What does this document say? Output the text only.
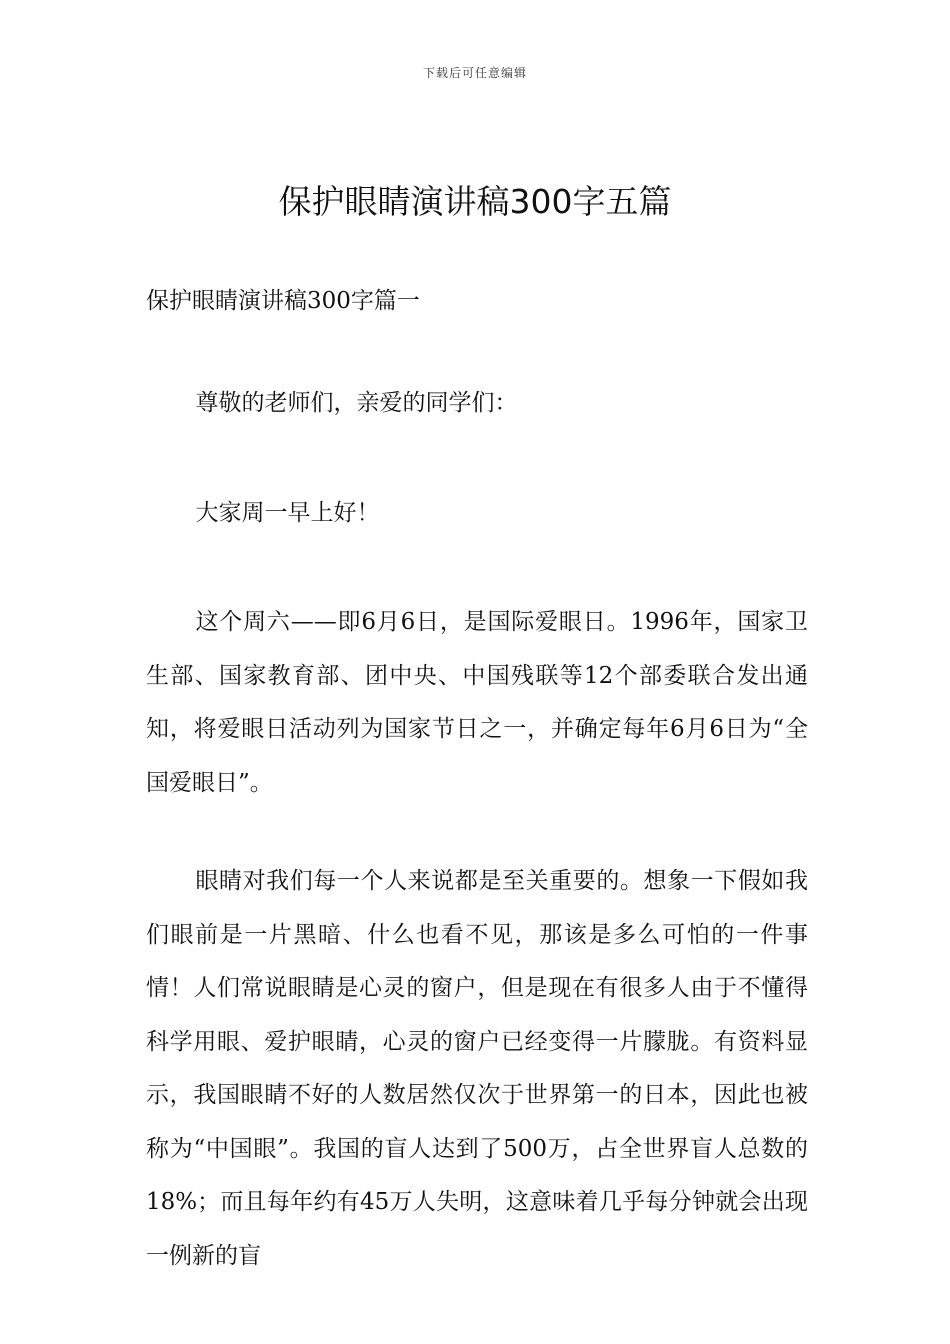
下载后可任意编辑
保护眼睛演讲稿300字五篇

保护眼睛演讲稿300字篇一

尊敬的老师们，亲爱的同学们：

大家周一早上好！

这个周六——即6月6日，是国际爱眼日。1996年，国家卫生部、国家教育部、团中央、中国残联等12个部委联合发出通知，将爱眼日活动列为国家节日之一，并确定每年6月6日为“全国爱眼日”。

眼睛对我们每一个人来说都是至关重要的。想象一下假如我们眼前是一片黑暗、什么也看不见，那该是多么可怕的一件事情！人们常说眼睛是心灵的窗户，但是现在有很多人由于不懂得科学用眼、爱护眼睛，心灵的窗户已经变得一片朦胧。有资料显示，我国眼睛不好的人数居然仅次于世界第一的日本，因此也被称为“中国眼”。我国的盲人达到了500万，占全世界盲人总数的18%；而且每年约有45万人失明，这意味着几乎每分钟就会出现一例新的盲
